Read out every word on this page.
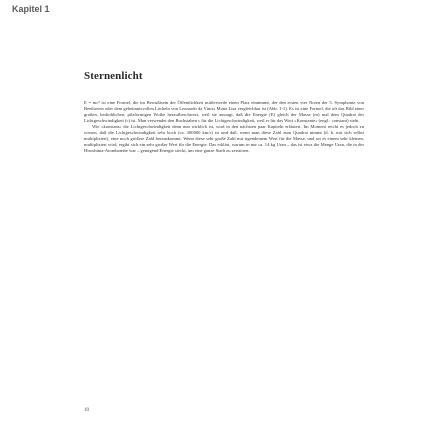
Kapitel 1
Sternenlicht

E = mc² ist eine Formel, die im Bewußtsein der Öffentlichkeit mittlerweile einen Platz einnimmt, der den ersten vier Noten der 5. Symphonie von Beethoven oder dem geheimnisvollen Lächeln von Leonardo da Vincis Mona Lisa vergleichbar ist (Abb. 1-1). Es ist eine Formel, die oft das Bild einer großen, bedrohlichen, pilzförmigen Wolke heraufbeschwört, weil sie aussagt, daß die Energie (E) gleich der Masse (m) mal dem Quadrat der Lichtgeschwindigkeit (c) ist. Man verwendet den Buchstaben c für die Lichtgeschwindigkeit, weil er für das Wort »Konstante« (engl.: constant) steht.

Wie »konstant« die Lichtgeschwindigkeit denn nun wirklich ist, wird in den nächsten paar Kapiteln erläutert. Im Moment reicht es jedoch zu wissen, daß die Lichtgeschwindigkeit sehr hoch (ca. 300000 km/s) ist und daß, wenn man diese Zahl zum Quadrat nimmt (d. h. mit sich selbst multipliziert), eine noch größere Zahl herauskommt. Wenn diese sehr große Zahl mit irgendeinem Wert für die Masse, und sei es einem sehr kleinen, multipliziert wird, ergibt sich ein sehr großer Wert für die Energie. Das erklärt, warum in nur ca. 14 kg Uran – das ist etwa die Menge Uran, die in der Hiroshima-Atombombe war – genügend Energie steckt, um eine ganze Stadt zu zerstören.

10
